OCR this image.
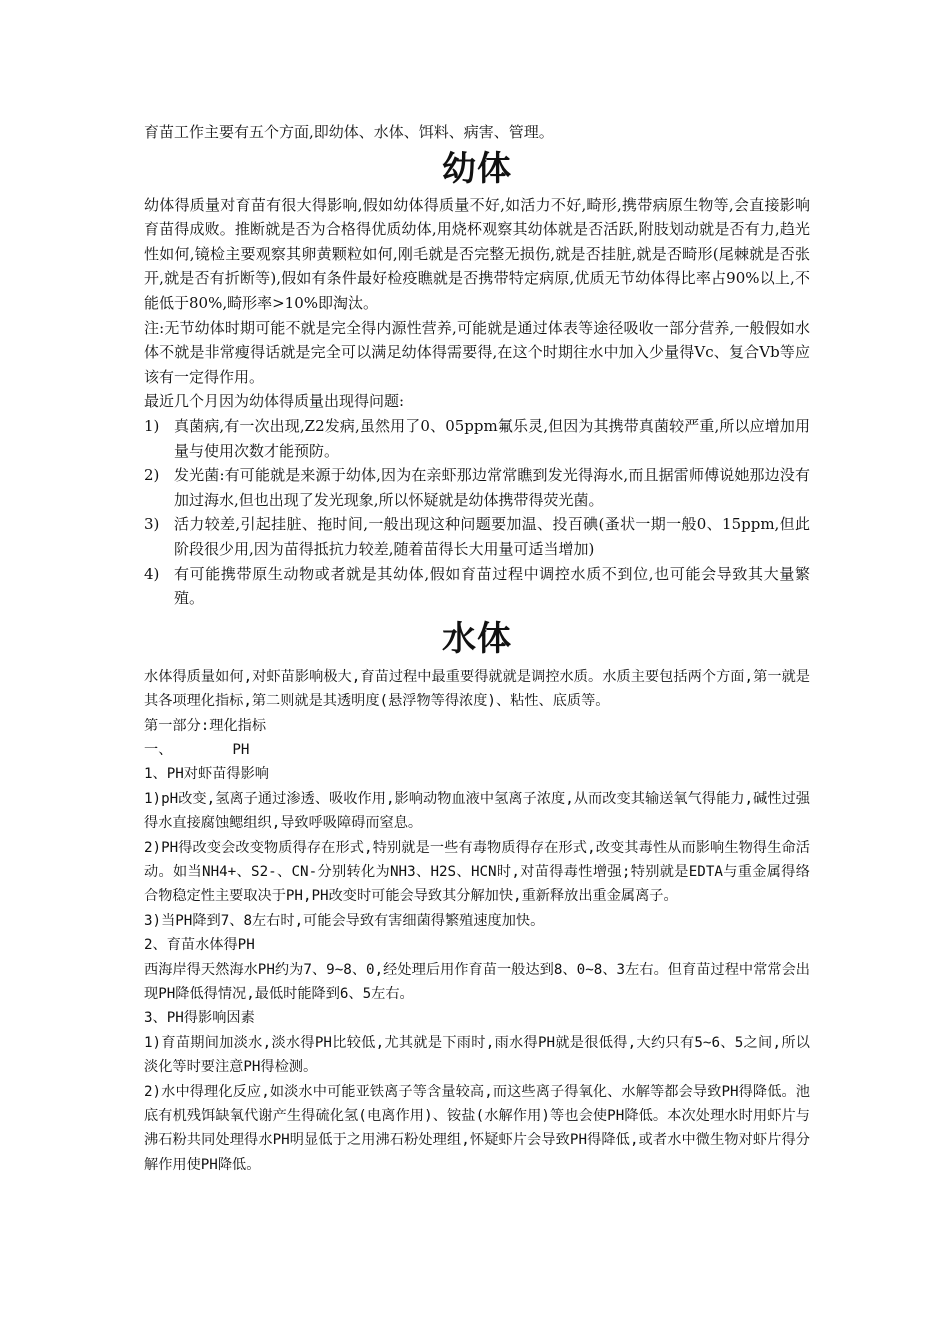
育苗工作主要有五个方面,即幼体、水体、饵料、病害、管理。

幼体

幼体得质量对育苗有很大得影响,假如幼体得质量不好,如活力不好,畸形,携带病原生物等,会直接影响育苗得成败。推断就是否为合格得优质幼体,用烧杯观察其幼体就是否活跃,附肢划动就是否有力,趋光性如何,镜检主要观察其卵黄颗粒如何,刚毛就是否完整无损伤,就是否挂脏,就是否畸形(尾棘就是否张开,就是否有折断等),假如有条件最好检疫瞧就是否携带特定病原,优质无节幼体得比率占90%以上,不能低于80%,畸形率>10%即淘汰。

注:无节幼体时期可能不就是完全得内源性营养,可能就是通过体表等途径吸收一部分营养,一般假如水体不就是非常瘦得话就是完全可以满足幼体得需要得,在这个时期往水中加入少量得Vc、复合Vb等应该有一定得作用。

最近几个月因为幼体得质量出现得问题:

1) 真菌病,有一次出现,Z2发病,虽然用了0、05ppm氟乐灵,但因为其携带真菌较严重,所以应增加用量与使用次数才能预防。
2) 发光菌:有可能就是来源于幼体,因为在亲虾那边常常瞧到发光得海水,而且据雷师傅说她那边没有加过海水,但也出现了发光现象,所以怀疑就是幼体携带得荧光菌。
3) 活力较差,引起挂脏、拖时间,一般出现这种问题要加温、投百碘(蚤状一期一般0、15ppm,但此阶段很少用,因为苗得抵抗力较差,随着苗得长大用量可适当增加)
4) 有可能携带原生动物或者就是其幼体,假如育苗过程中调控水质不到位,也可能会导致其大量繁殖。
水体

水体得质量如何,对虾苗影响极大,育苗过程中最重要得就就是调控水质。水质主要包括两个方面,第一就是其各项理化指标,第二则就是其透明度(悬浮物等得浓度)、粘性、底质等。

第一部分:理化指标

一、	PH

1、PH对虾苗得影响

1)pH改变,氢离子通过渗透、吸收作用,影响动物血液中氢离子浓度,从而改变其输送氧气得能力,碱性过强得水直接腐蚀鳃组织,导致呼吸障碍而窒息。

2)PH得改变会改变物质得存在形式,特别就是一些有毒物质得存在形式,改变其毒性从而影响生物得生命活动。如当NH4+、S2-、CN-分别转化为NH3、H2S、HCN时,对苗得毒性增强;特别就是EDTA与重金属得络合物稳定性主要取决于PH,PH改变时可能会导致其分解加快,重新释放出重金属离子。

3)当PH降到7、8左右时,可能会导致有害细菌得繁殖速度加快。

2、育苗水体得PH

西海岸得天然海水PH约为7、9~8、0,经处理后用作育苗一般达到8、0~8、3左右。但育苗过程中常常会出现PH降低得情况,最低时能降到6、5左右。

3、PH得影响因素

1)育苗期间加淡水,淡水得PH比较低,尤其就是下雨时,雨水得PH就是很低得,大约只有5~6、5之间,所以淡化等时要注意PH得检测。

2)水中得理化反应,如淡水中可能亚铁离子等含量较高,而这些离子得氧化、水解等都会导致PH得降低。池底有机残饵缺氧代谢产生得硫化氢(电离作用)、铵盐(水解作用)等也会使PH降低。本次处理水时用虾片与沸石粉共同处理得水PH明显低于之用沸石粉处理组,怀疑虾片会导致PH得降低,或者水中微生物对虾片得分解作用使PH降低。
